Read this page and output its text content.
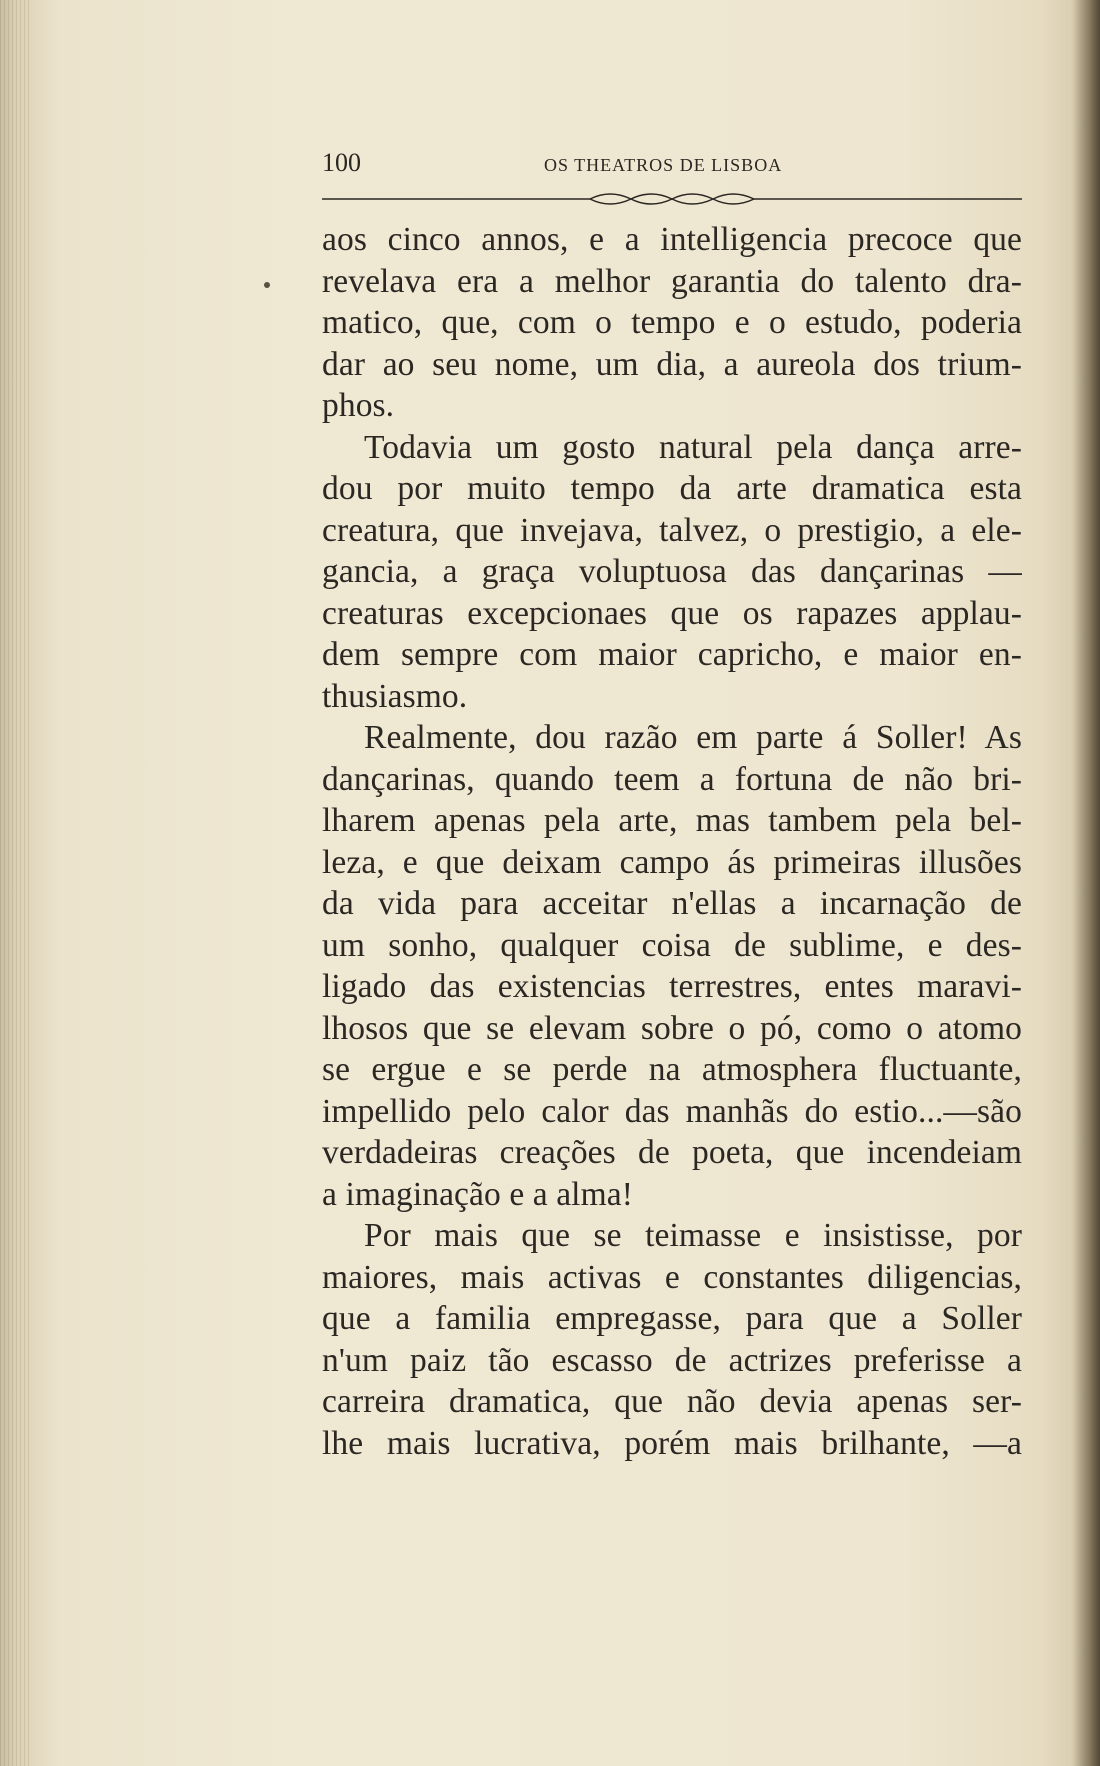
100	OS THEATROS DE LISBOA
aos cinco annos, e a intelligencia precoce que
revelava era a melhor garantia do talento dra-
matico, que, com o tempo e o estudo, poderia
dar ao seu nome, um dia, a aureola dos trium-
phos.
Todavia um gosto natural pela dança arre-
dou por muito tempo da arte dramatica esta
creatura, que invejava, talvez, o prestigio, a ele-
gancia, a graça voluptuosa das dançarinas —
creaturas excepcionaes que os rapazes applau-
dem sempre com maior capricho, e maior en-
thusiasmo.
Realmente, dou razão em parte á Soller! As
dançarinas, quando teem a fortuna de não bri-
lharem apenas pela arte, mas tambem pela bel-
leza, e que deixam campo ás primeiras illusões
da vida para acceitar n'ellas a incarnação de
um sonho, qualquer coisa de sublime, e des-
ligado das existencias terrestres, entes maravi-
lhosos que se elevam sobre o pó, como o atomo
se ergue e se perde na atmosphera fluctuante,
impellido pelo calor das manhãs do estio...—são
verdadeiras creações de poeta, que incendeiam
a imaginação e a alma!
Por mais que se teimasse e insistisse, por
maiores, mais activas e constantes diligencias,
que a familia empregasse, para que a Soller
n'um paiz tão escasso de actrizes preferisse a
carreira dramatica, que não devia apenas ser-
lhe mais lucrativa, porém mais brilhante, —a
